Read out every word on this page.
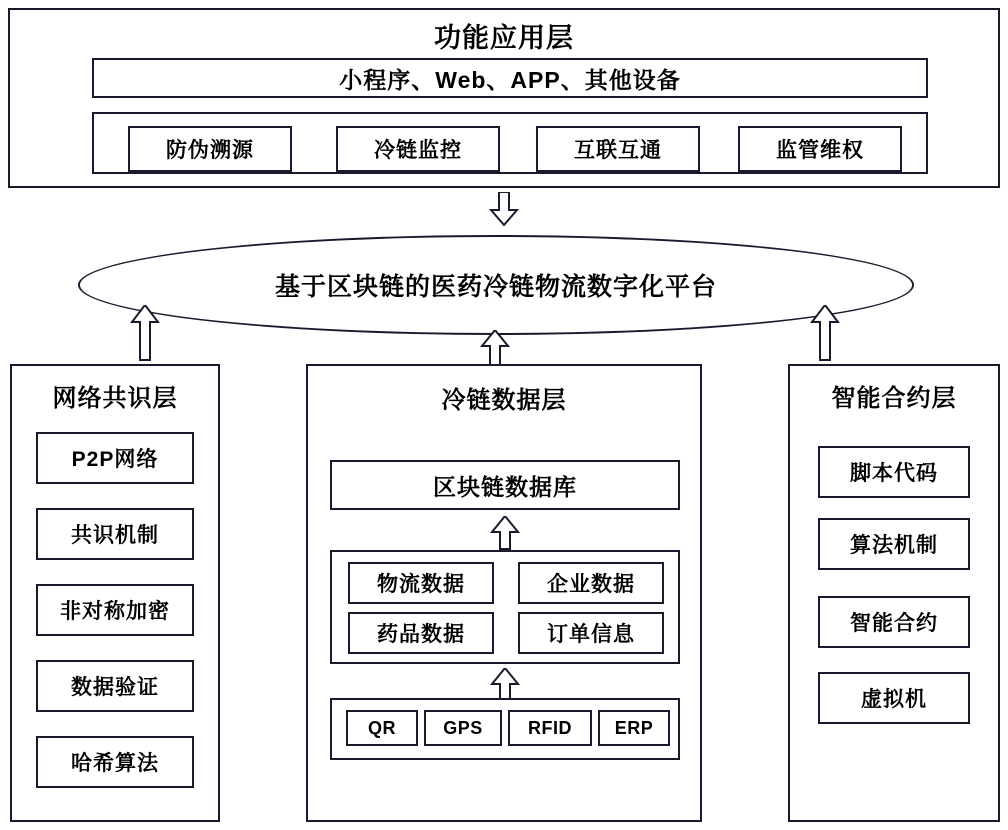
功能应用层
小程序、Web、APP、其他设备
防伪溯源	冷链监控	互联互通	监管维权
基于区块链的医药冷链物流数字化平台
网络共识层
P2P网络
共识机制
非对称加密
数据验证
哈希算法
冷链数据层
区块链数据库
物流数据	企业数据
药品数据	订单信息
QR	GPS	RFID ERP
智能合约层
脚本代码
算法机制
智能合约
虚拟机
